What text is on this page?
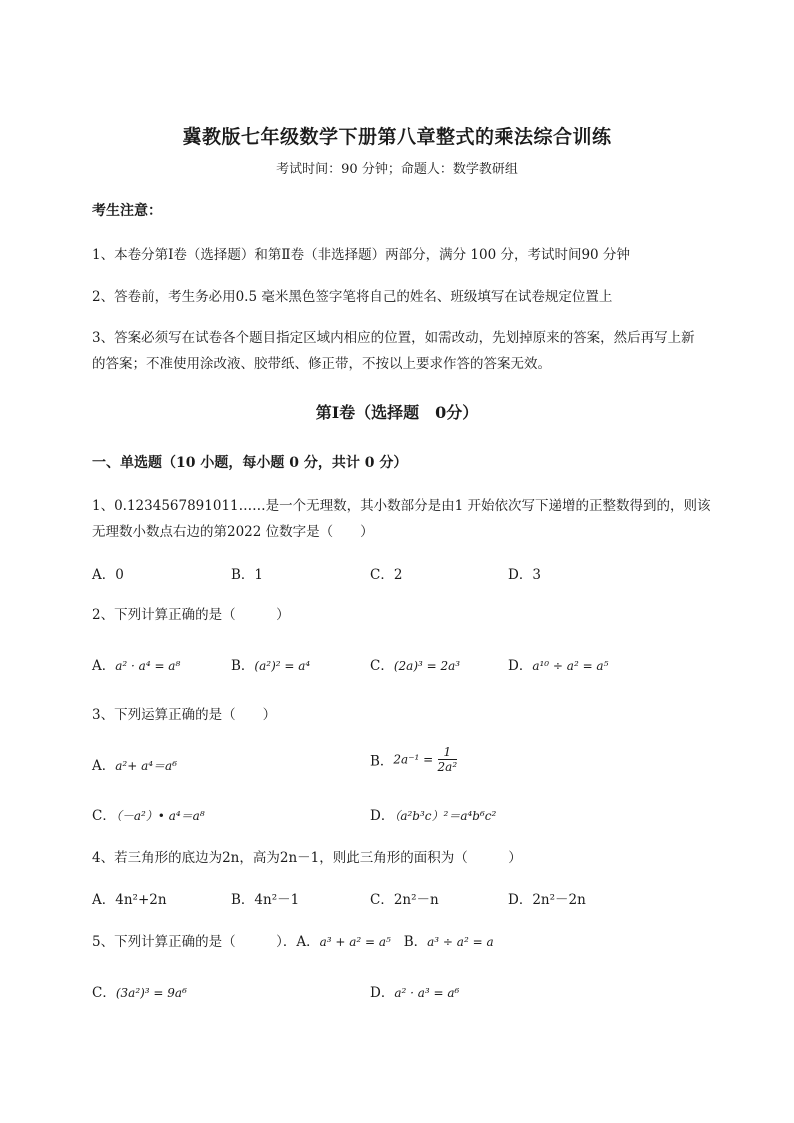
冀教版七年级数学下册第八章整式的乘法综合训练
考试时间：90 分钟；命题人：数学教研组
考生注意：
1、本卷分第Ⅰ卷（选择题）和第Ⅱ卷（非选择题）两部分，满分 100 分，考试时间90 分钟
2、答卷前，考生务必用0.5 毫米黑色签字笔将自己的姓名、班级填写在试卷规定位置上
3、答案必须写在试卷各个题目指定区域内相应的位置，如需改动，先划掉原来的答案，然后再写上新
的答案；不准使用涂改液、胶带纸、修正带，不按以上要求作答的答案无效。
第Ⅰ卷（选择题　0分）
一、单选题（10 小题，每小题 0 分，共计 0 分）
1、0.1234567891011……是一个无理数，其小数部分是由1 开始依次写下递增的正整数得到的，则该
无理数小数点右边的第2022 位数字是（　　）
A．0	B．1	C．2	D．3
2、下列计算正确的是（　　　）
A．a² · a⁴ = a⁸	B．(a²)² = a⁴	C．(2a)³ = 2a³	D．a¹⁰ ÷ a² = a⁵
3、下列运算正确的是（　　）
A．a²+ a⁴＝a⁶	B．$2a^{-1} = \frac{1}{\text{2a²}}$
C．（－a²）• a⁴＝a⁸	D．（a²b³c）²＝a⁴b⁶c²
4、若三角形的底边为2n，高为2n－1，则此三角形的面积为（　　　）
A．4n²+2n	B．4n²－1	C．2n²－n	D．2n²－2n
5、下列计算正确的是（　　　）．A．a³ + a² = a⁵ B．a³ ÷ a² = a
C．(3a²)³ = 9a⁶	D．a² · a³ = a⁶
